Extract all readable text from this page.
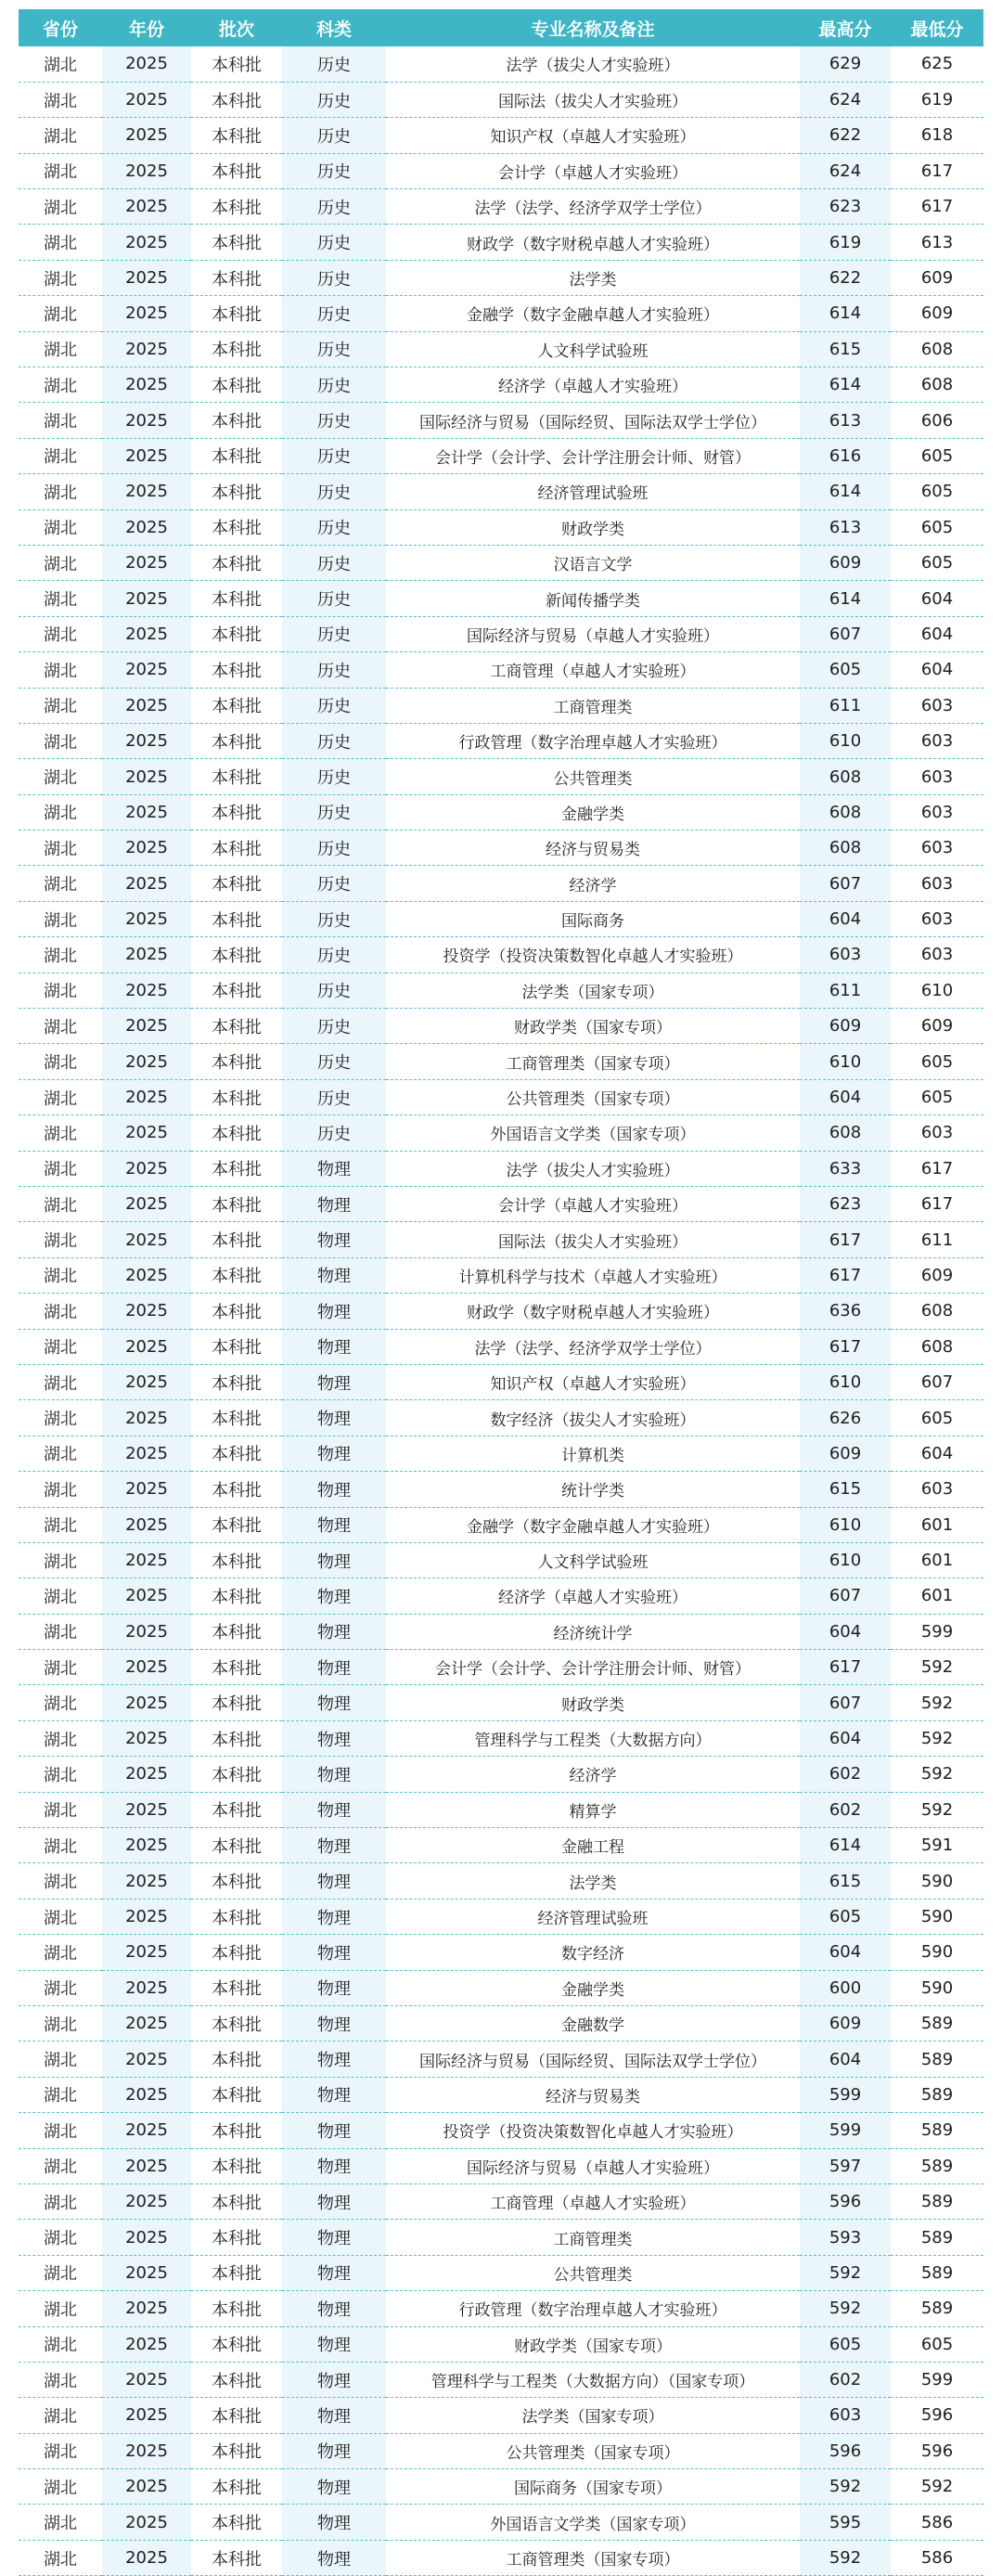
省份	年份	批次	科类	专业名称及备注	最高分	最低分
湖北	2025	本科批	历史	法学（拔尖人才实验班）	629	625
湖北	2025	本科批	历史	国际法（拔尖人才实验班）	624	619
湖北	2025	本科批	历史	知识产权（卓越人才实验班）	622	618
湖北	2025	本科批	历史	会计学（卓越人才实验班）	624	617
湖北	2025	本科批	历史	法学（法学、经济学双学士学位）	623	617
湖北	2025	本科批	历史	财政学（数字财税卓越人才实验班）	619	613
湖北	2025	本科批	历史	法学类	622	609
湖北	2025	本科批	历史	金融学（数字金融卓越人才实验班）	614	609
湖北	2025	本科批	历史	人文科学试验班	615	608
湖北	2025	本科批	历史	经济学（卓越人才实验班）	614	608
湖北	2025	本科批	历史	国际经济与贸易（国际经贸、国际法双学士学位）	613	606
湖北	2025	本科批	历史	会计学（会计学、会计学注册会计师、财管）	616	605
湖北	2025	本科批	历史	经济管理试验班	614	605
湖北	2025	本科批	历史	财政学类	613	605
湖北	2025	本科批	历史	汉语言文学	609	605
湖北	2025	本科批	历史	新闻传播学类	614	604
湖北	2025	本科批	历史	国际经济与贸易（卓越人才实验班）	607	604
湖北	2025	本科批	历史	工商管理（卓越人才实验班）	605	604
湖北	2025	本科批	历史	工商管理类	611	603
湖北	2025	本科批	历史	行政管理（数字治理卓越人才实验班）	610	603
湖北	2025	本科批	历史	公共管理类	608	603
湖北	2025	本科批	历史	金融学类	608	603
湖北	2025	本科批	历史	经济与贸易类	608	603
湖北	2025	本科批	历史	经济学	607	603
湖北	2025	本科批	历史	国际商务	604	603
湖北	2025	本科批	历史	投资学（投资决策数智化卓越人才实验班）	603	603
湖北	2025	本科批	历史	法学类（国家专项）	611	610
湖北	2025	本科批	历史	财政学类（国家专项）	609	609
湖北	2025	本科批	历史	工商管理类（国家专项）	610	605
湖北	2025	本科批	历史	公共管理类（国家专项）	604	605
湖北	2025	本科批	历史	外国语言文学类（国家专项）	608	603
湖北	2025	本科批	物理	法学（拔尖人才实验班）	633	617
湖北	2025	本科批	物理	会计学（卓越人才实验班）	623	617
湖北	2025	本科批	物理	国际法（拔尖人才实验班）	617	611
湖北	2025	本科批	物理	计算机科学与技术（卓越人才实验班）	617	609
湖北	2025	本科批	物理	财政学（数字财税卓越人才实验班）	636	608
湖北	2025	本科批	物理	法学（法学、经济学双学士学位）	617	608
湖北	2025	本科批	物理	知识产权（卓越人才实验班）	610	607
湖北	2025	本科批	物理	数字经济（拔尖人才实验班）	626	605
湖北	2025	本科批	物理	计算机类	609	604
湖北	2025	本科批	物理	统计学类	615	603
湖北	2025	本科批	物理	金融学（数字金融卓越人才实验班）	610	601
湖北	2025	本科批	物理	人文科学试验班	610	601
湖北	2025	本科批	物理	经济学（卓越人才实验班）	607	601
湖北	2025	本科批	物理	经济统计学	604	599
湖北	2025	本科批	物理	会计学（会计学、会计学注册会计师、财管）	617	592
湖北	2025	本科批	物理	财政学类	607	592
湖北	2025	本科批	物理	管理科学与工程类（大数据方向）	604	592
湖北	2025	本科批	物理	经济学	602	592
湖北	2025	本科批	物理	精算学	602	592
湖北	2025	本科批	物理	金融工程	614	591
湖北	2025	本科批	物理	法学类	615	590
湖北	2025	本科批	物理	经济管理试验班	605	590
湖北	2025	本科批	物理	数字经济	604	590
湖北	2025	本科批	物理	金融学类	600	590
湖北	2025	本科批	物理	金融数学	609	589
湖北	2025	本科批	物理	国际经济与贸易（国际经贸、国际法双学士学位）	604	589
湖北	2025	本科批	物理	经济与贸易类	599	589
湖北	2025	本科批	物理	投资学（投资决策数智化卓越人才实验班）	599	589
湖北	2025	本科批	物理	国际经济与贸易（卓越人才实验班）	597	589
湖北	2025	本科批	物理	工商管理（卓越人才实验班）	596	589
湖北	2025	本科批	物理	工商管理类	593	589
湖北	2025	本科批	物理	公共管理类	592	589
湖北	2025	本科批	物理	行政管理（数字治理卓越人才实验班）	592	589
湖北	2025	本科批	物理	财政学类（国家专项）	605	605
湖北	2025	本科批	物理	管理科学与工程类（大数据方向）（国家专项）	602	599
湖北	2025	本科批	物理	法学类（国家专项）	603	596
湖北	2025	本科批	物理	公共管理类（国家专项）	596	596
湖北	2025	本科批	物理	国际商务（国家专项）	592	592
湖北	2025	本科批	物理	外国语言文学类（国家专项）	595	586
湖北	2025	本科批	物理	工商管理类（国家专项）	592	586
